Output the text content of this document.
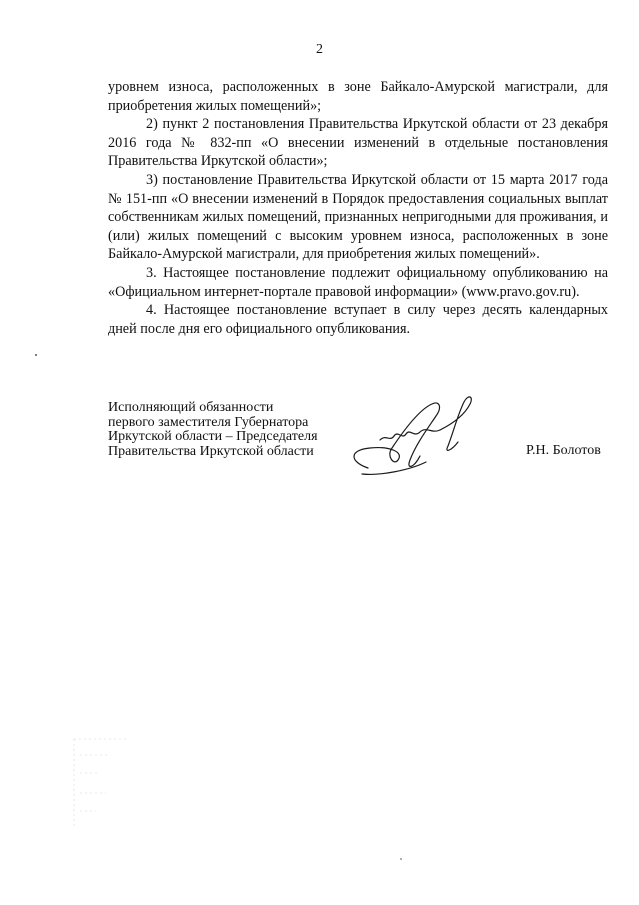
2

уровнем износа, расположенных в зоне Байкало-Амурской магистрали, для приобретения жилых помещений»;

2) пункт 2 постановления Правительства Иркутской области от 23 декабря 2016 года № 832-пп «О внесении изменений в отдельные постановления Правительства Иркутской области»;

3) постановление Правительства Иркутской области от 15 марта 2017 года № 151-пп «О внесении изменений в Порядок предоставления социальных выплат собственникам жилых помещений, признанных непригодными для проживания, и (или) жилых помещений с высоким уровнем износа, расположенных в зоне Байкало-Амурской магистрали, для приобретения жилых помещений».

3. Настоящее постановление подлежит официальному опубликованию на «Официальном интернет-портале правовой информации» (www.pravo.gov.ru).

4. Настоящее постановление вступает в силу через десять календарных дней после дня его официального опубликования.

Исполняющий обязанности
первого заместителя Губернатора
Иркутской области – Председателя
Правительства Иркутской области	Р.Н. Болотов
